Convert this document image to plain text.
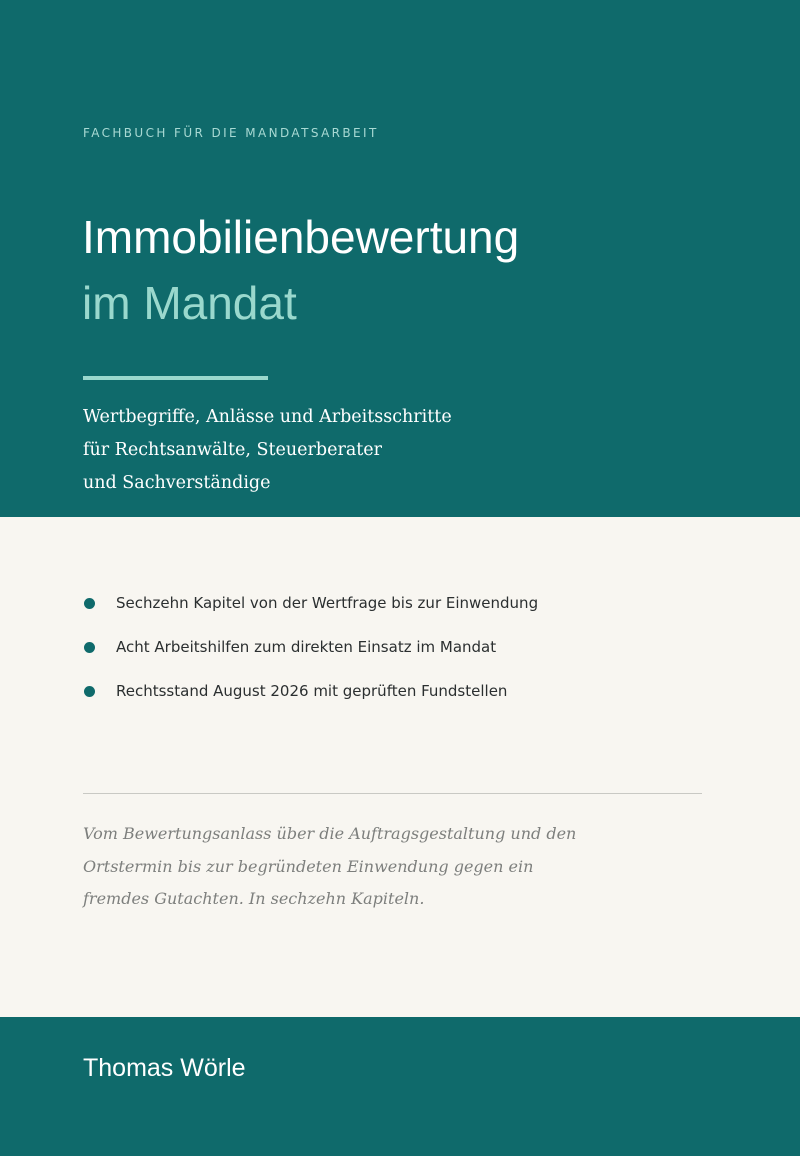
FACHBUCH FÜR DIE MANDATSARBEIT
Immobilienbewertung
im Mandat
Wertbegriffe, Anlässe und Arbeitsschritte
für Rechtsanwälte, Steuerberater
und Sachverständige
Sechzehn Kapitel von der Wertfrage bis zur Einwendung
Acht Arbeitshilfen zum direkten Einsatz im Mandat
Rechtsstand August 2026 mit geprüften Fundstellen
Vom Bewertungsanlass über die Auftragsgestaltung und den
Ortstermin bis zur begründeten Einwendung gegen ein
fremdes Gutachten. In sechzehn Kapiteln.
Thomas Wörle
